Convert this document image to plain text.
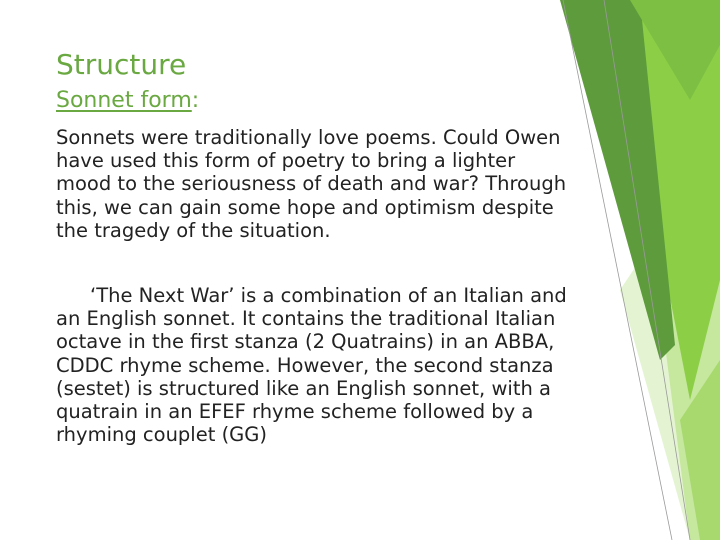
Structure
Sonnet form:

Sonnets were traditionally love poems. Could Owen have used this form of poetry to bring a lighter mood to the seriousness of death and war? Through this, we can gain some hope and optimism despite the tragedy of the situation.

‘The Next War’ is a combination of an Italian and an English sonnet. It contains the traditional Italian octave in the first stanza (2 Quatrains) in an ABBA, CDDC rhyme scheme. However, the second stanza (sestet) is structured like an English sonnet, with a quatrain in an EFEF rhyme scheme followed by a rhyming couplet (GG)
